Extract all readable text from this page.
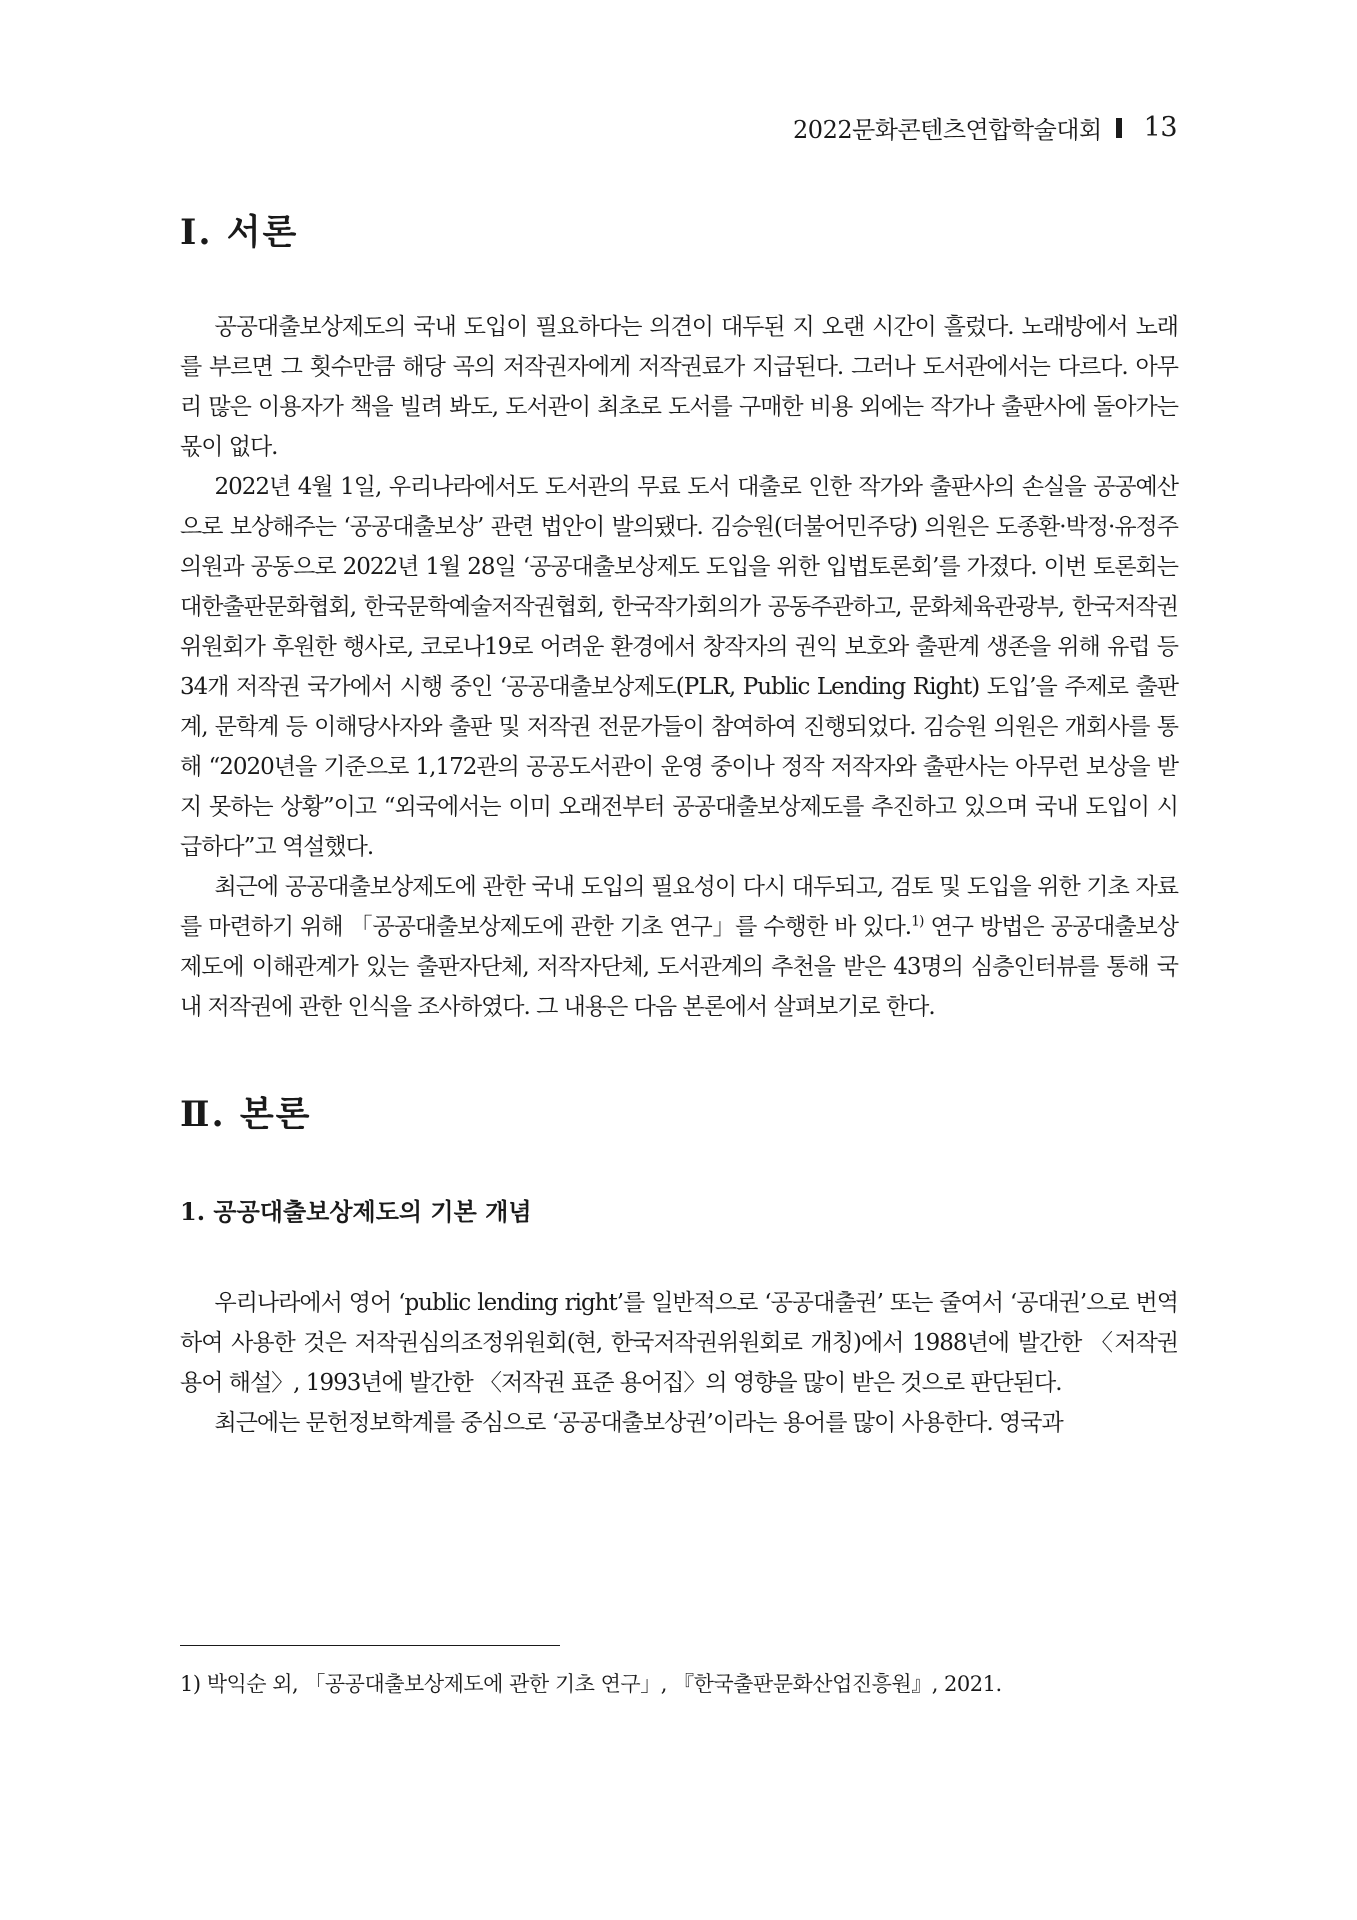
2022문화콘텐츠연합학술대회 13
Ⅰ. 서론

공공대출보상제도의 국내 도입이 필요하다는 의견이 대두된 지 오랜 시간이 흘렀다. 노래방에서 노래를 부르면 그 횟수만큼 해당 곡의 저작권자에게 저작권료가 지급된다. 그러나 도서관에서는 다르다. 아무리 많은 이용자가 책을 빌려 봐도, 도서관이 최초로 도서를 구매한 비용 외에는 작가나 출판사에 돌아가는 몫이 없다.

2022년 4월 1일, 우리나라에서도 도서관의 무료 도서 대출로 인한 작가와 출판사의 손실을 공공예산으로 보상해주는 ‘공공대출보상’ 관련 법안이 발의됐다. 김승원(더불어민주당) 의원은 도종환·박정·유정주 의원과 공동으로 2022년 1월 28일 ‘공공대출보상제도 도입을 위한 입법토론회’를 가졌다. 이번 토론회는 대한출판문화협회, 한국문학예술저작권협회, 한국작가회의가 공동주관하고, 문화체육관광부, 한국저작권위원회가 후원한 행사로, 코로나19로 어려운 환경에서 창작자의 권익 보호와 출판계 생존을 위해 유럽 등 34개 저작권 국가에서 시행 중인 ‘공공대출보상제도(PLR, Public Lending Right) 도입’을 주제로 출판계, 문학계 등 이해당사자와 출판 및 저작권 전문가들이 참여하여 진행되었다. 김승원 의원은 개회사를 통해 “2020년을 기준으로 1,172관의 공공도서관이 운영 중이나 정작 저작자와 출판사는 아무런 보상을 받지 못하는 상황”이고 “외국에서는 이미 오래전부터 공공대출보상제도를 추진하고 있으며 국내 도입이 시급하다”고 역설했다.

최근에 공공대출보상제도에 관한 국내 도입의 필요성이 다시 대두되고, 검토 및 도입을 위한 기초 자료를 마련하기 위해 「공공대출보상제도에 관한 기초 연구」를 수행한 바 있다.$^{1)}$ 연구 방법은 공공대출보상제도에 이해관계가 있는 출판자단체, 저작자단체, 도서관계의 추천을 받은 43명의 심층인터뷰를 통해 국내 저작권에 관한 인식을 조사하였다. 그 내용은 다음 본론에서 살펴보기로 한다.

Ⅱ. 본론
1. 공공대출보상제도의 기본 개념

우리나라에서 영어 ‘public lending right’를 일반적으로 ‘공공대출권’ 또는 줄여서 ‘공대권’으로 번역하여 사용한 것은 저작권심의조정위원회(현, 한국저작권위원회로 개칭)에서 1988년에 발간한 〈저작권 용어 해설〉, 1993년에 발간한 〈저작권 표준 용어집〉의 영향을 많이 받은 것으로 판단된다.

최근에는 문헌정보학계를 중심으로 ‘공공대출보상권’이라는 용어를 많이 사용한다. 영국과

1) 박익순 외, 「공공대출보상제도에 관한 기초 연구」, 『한국출판문화산업진흥원』, 2021.
